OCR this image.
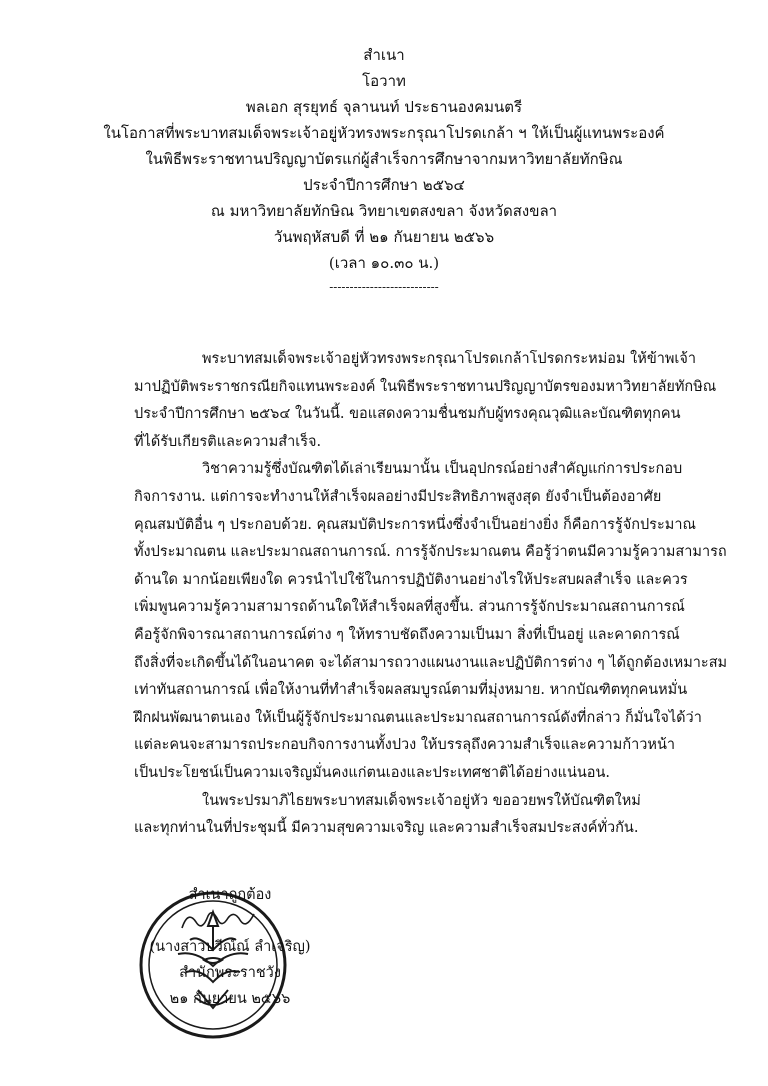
สำเนา
โอวาท
พลเอก สุรยุทธ์ จุลานนท์ ประธานองคมนตรี
ในโอกาสที่พระบาทสมเด็จพระเจ้าอยู่หัวทรงพระกรุณาโปรดเกล้า ฯ ให้เป็นผู้แทนพระองค์
ในพิธีพระราชทานปริญญาบัตรแก่ผู้สำเร็จการศึกษาจากมหาวิทยาลัยทักษิณ
ประจำปีการศึกษา ๒๕๖๔
ณ มหาวิทยาลัยทักษิณ วิทยาเขตสงขลา จังหวัดสงขลา
วันพฤหัสบดี ที่ ๒๑ กันยายน ๒๕๖๖
(เวลา ๑๐.๓๐ น.)
---------------------------

พระบาทสมเด็จพระเจ้าอยู่หัวทรงพระกรุณาโปรดเกล้าโปรดกระหม่อม ให้ข้าพเจ้า
มาปฏิบัติพระราชกรณียกิจแทนพระองค์ ในพิธีพระราชทานปริญญาบัตรของมหาวิทยาลัยทักษิณ
ประจำปีการศึกษา ๒๕๖๔ ในวันนี้. ขอแสดงความชื่นชมกับผู้ทรงคุณวุฒิและบัณฑิตทุกคน
ที่ได้รับเกียรติและความสำเร็จ.

วิชาความรู้ซึ่งบัณฑิตได้เล่าเรียนมานั้น เป็นอุปกรณ์อย่างสำคัญแก่การประกอบ
กิจการงาน. แต่การจะทำงานให้สำเร็จผลอย่างมีประสิทธิภาพสูงสุด ยังจำเป็นต้องอาศัย
คุณสมบัติอื่น ๆ ประกอบด้วย. คุณสมบัติประการหนึ่งซึ่งจำเป็นอย่างยิ่ง ก็คือการรู้จักประมาณ
ทั้งประมาณตน และประมาณสถานการณ์. การรู้จักประมาณตน คือรู้ว่าตนมีความรู้ความสามารถ
ด้านใด มากน้อยเพียงใด ควรนำไปใช้ในการปฏิบัติงานอย่างไรให้ประสบผลสำเร็จ และควร
เพิ่มพูนความรู้ความสามารถด้านใดให้สำเร็จผลที่สูงขึ้น. ส่วนการรู้จักประมาณสถานการณ์
คือรู้จักพิจารณาสถานการณ์ต่าง ๆ ให้ทราบชัดถึงความเป็นมา สิ่งที่เป็นอยู่ และคาดการณ์
ถึงสิ่งที่จะเกิดขึ้นได้ในอนาคต จะได้สามารถวางแผนงานและปฏิบัติการต่าง ๆ ได้ถูกต้องเหมาะสม
เท่าทันสถานการณ์ เพื่อให้งานที่ทำสำเร็จผลสมบูรณ์ตามที่มุ่งหมาย. หากบัณฑิตทุกคนหมั่น
ฝึกฝนพัฒนาตนเอง ให้เป็นผู้รู้จักประมาณตนและประมาณสถานการณ์ดังที่กล่าว ก็มั่นใจได้ว่า
แต่ละคนจะสามารถประกอบกิจการงานทั้งปวง ให้บรรลุถึงความสำเร็จและความก้าวหน้า
เป็นประโยชน์เป็นความเจริญมั่นคงแก่ตนเองและประเทศชาติได้อย่างแน่นอน.

ในพระปรมาภิไธยพระบาทสมเด็จพระเจ้าอยู่หัว ขออวยพรให้บัณฑิตใหม่
และทุกท่านในที่ประชุมนี้ มีความสุขความเจริญ และความสำเร็จสมประสงค์ทั่วกัน.

สำเนาถูกต้อง
(นางสาวปวีณ์ณ์ ลำเจริญ)
สำนักพระราชวัง
๒๑ กันยายน ๒๕๖๖
